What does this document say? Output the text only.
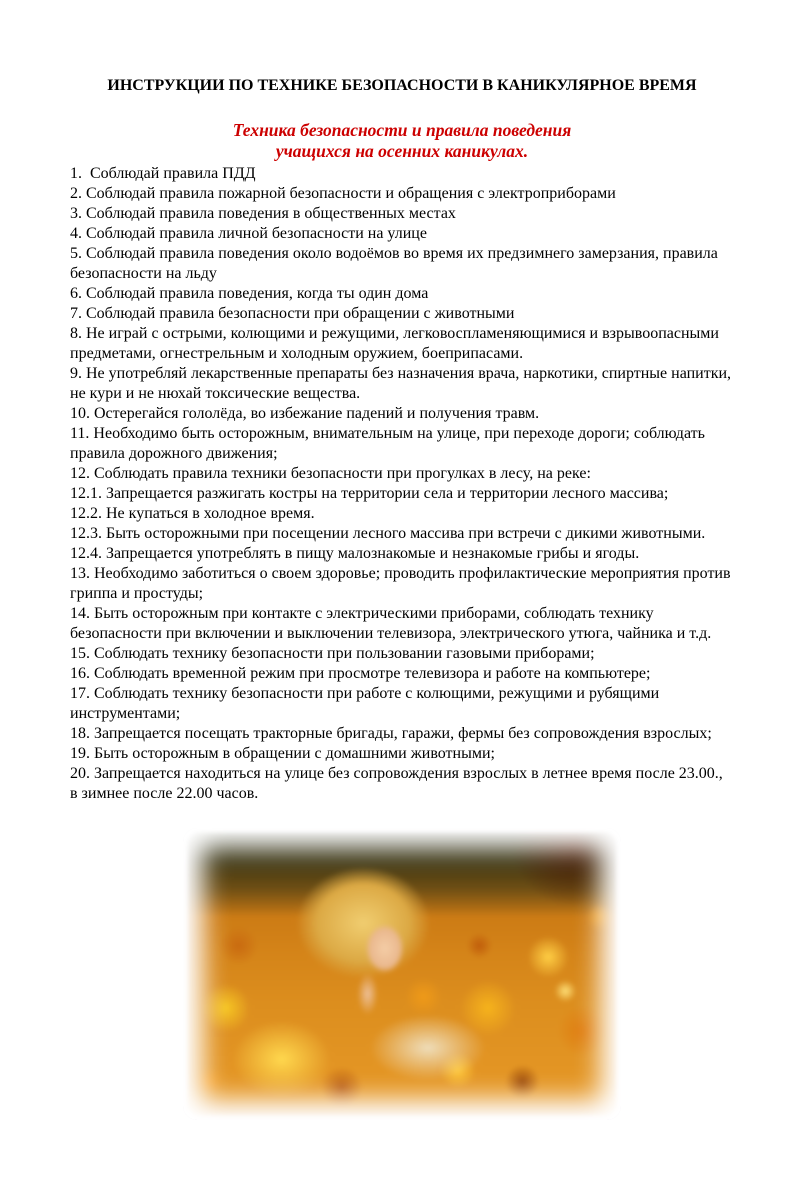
ИНСТРУКЦИИ ПО ТЕХНИКЕ БЕЗОПАСНОСТИ В КАНИКУЛЯРНОЕ ВРЕМЯ
Техника безопасности и правила поведения
учащихся на осенних каникулах.

1.  Соблюдай правила ПДД

2. Соблюдай правила пожарной безопасности и обращения с электроприборами

3. Соблюдай правила поведения в общественных местах

4. Соблюдай правила личной безопасности на улице

5. Соблюдай правила поведения около водоёмов во время их предзимнего замерзания, правила безопасности на льду

6. Соблюдай правила поведения, когда ты один дома

7. Соблюдай правила безопасности при обращении с животными

8. Не играй с острыми, колющими и режущими, легковоспламеняющимися и взрывоопасными предметами, огнестрельным и холодным оружием, боеприпасами.

9. Не употребляй лекарственные препараты без назначения врача, наркотики, спиртные напитки, не кури и не нюхай токсические вещества.

10. Остерегайся гололёда, во избежание падений и получения травм.

11. Необходимо быть осторожным, внимательным на улице, при переходе дороги; соблюдать правила дорожного движения;

12. Соблюдать правила техники безопасности при прогулках в лесу, на реке:

12.1. Запрещается разжигать костры на территории села и территории лесного массива;

12.2. Не купаться в холодное время.

12.3. Быть осторожными при посещении лесного массива при встречи с дикими животными.

12.4. Запрещается употреблять в пищу малознакомые и незнакомые грибы и ягоды.

13. Необходимо заботиться о своем здоровье; проводить профилактические мероприятия против гриппа и простуды;

14. Быть осторожным при контакте с электрическими приборами, соблюдать технику безопасности при включении и выключении телевизора, электрического утюга, чайника и т.д.

15. Соблюдать технику безопасности при пользовании газовыми приборами;

16. Соблюдать временной режим при просмотре телевизора и работе на компьютере;

17. Соблюдать технику безопасности при работе с колющими, режущими и рубящими инструментами;

18. Запрещается посещать тракторные бригады, гаражи, фермы без сопровождения взрослых;

19. Быть осторожным в обращении с домашними животными;

20. Запрещается находиться на улице без сопровождения взрослых в летнее время после 23.00., в зимнее после 22.00 часов.
